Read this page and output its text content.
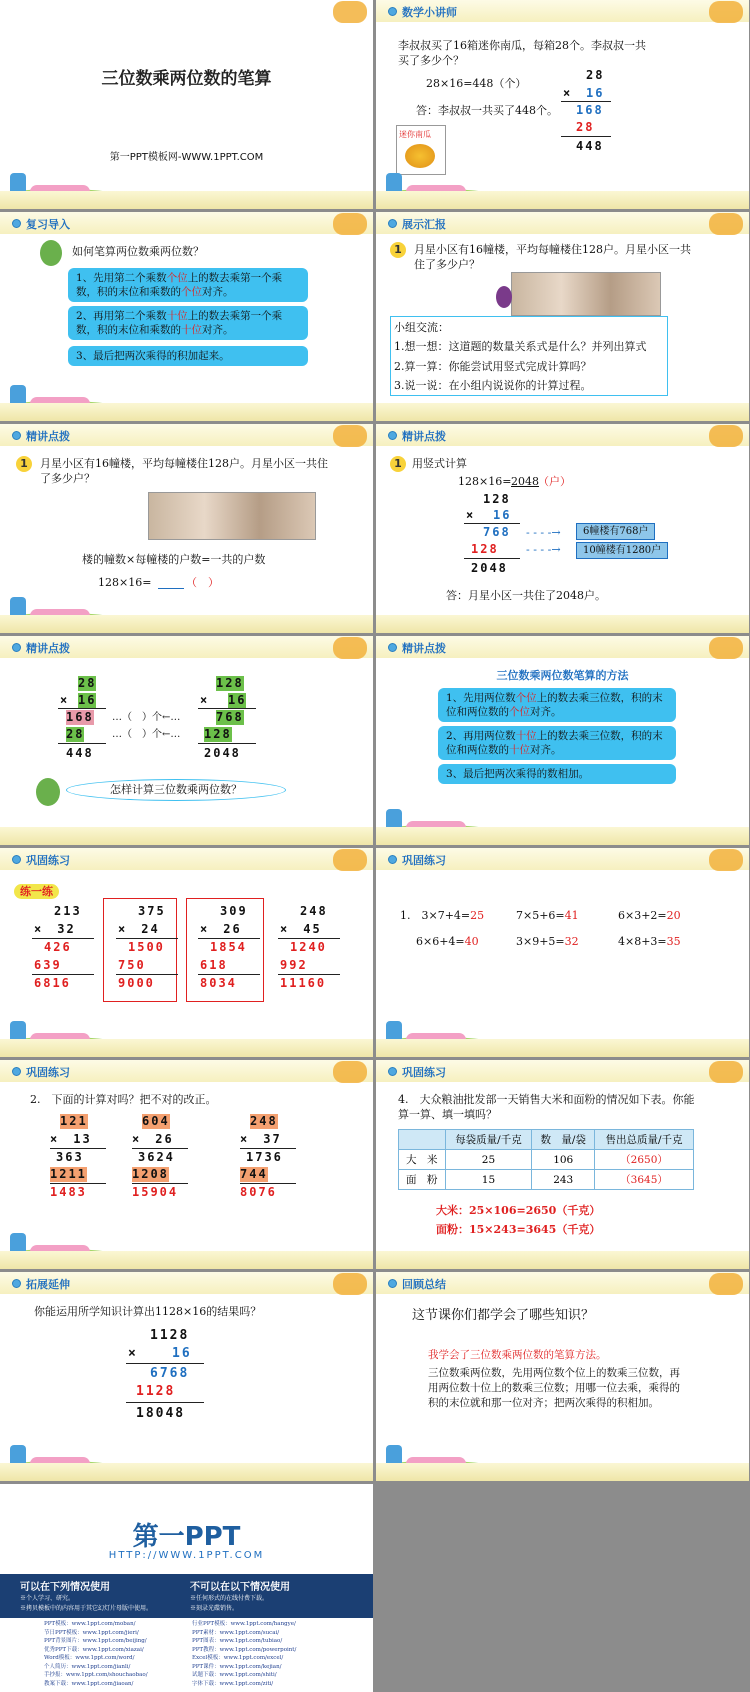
三位数乘两位数的笔算
第一PPT模板网-WWW.1PPT.COM
数学小讲师
李叔叔买了16箱迷你南瓜，每箱28个。李叔叔一共买了多少个？
28×16=448（个）
答：李叔叔一共买了448个。
迷你南瓜
28
× 16
168
28
448
复习导入
如何笔算两位数乘两位数？
1、先用第二个乘数个位上的数去乘第一个乘数，积的末位和乘数的个位对齐。
2、再用第二个乘数十位上的数去乘第一个乘数，积的末位和乘数的十位对齐。
3、最后把两次乘得的积加起来。
展示汇报
1	月星小区有16幢楼，平均每幢楼住128户。月星小区一共住了多少户？
小组交流：
1.想一想：这道题的数量关系式是什么？并列出算式
2.算一算：你能尝试用竖式完成计算吗？
3.说一说：在小组内说说你的计算过程。
精讲点拨
1	月星小区有16幢楼，平均每幢楼住128户。月星小区一共住了多少户？
楼的幢数×每幢楼的户数=一共的户数
128×16=	（　）
精讲点拨
1 用竖式计算
128×16= 2048 （户）
128
× 16
768
128
2048
- - - -→
- - - -→
6幢楼有768户
10幢楼有1280户
答：月星小区一共住了2048户。
精讲点拨
28
× 16
168
28
448
…（　）个←…
…（　）个←…
128
× 16
768
128
2048
怎样计算三位数乘两位数？
精讲点拨
三位数乘两位数笔算的方法
1、先用两位数个位上的数去乘三位数，积的末位和两位数的个位对齐。
2、再用两位数十位上的数去乘三位数，积的末位和两位数的十位对齐。
3、最后把两次乘得的数相加。
巩固练习
练一练
213
×　32
426
639
6816
375
×　24
1500
750
9000
309
×　26
1854
618
8034
248
×　45
1240
992
11160
巩固练习
1.　3×7+4=25	7×5+6=41	6×3+2=20
6×6+4=40	3×9+5=32	4×8+3=35
巩固练习
2.　下面的计算对吗？把不对的改正。
121
×　13
363
1211
1483
604
×　26
3624
1208
15904
248
×　37
1736
744
8076
巩固练习
4.　大众粮油批发部一天销售大米和面粉的情况如下表。你能算一算、填一填吗？
	每袋质量/千克	数　量/袋	售出总质量/千克
大　米	25	106	（2650）
面　粉	15	243	（3645）
大米：25×106=2650（千克）
面粉：15×243=3645（千克）
拓展延伸
你能运用所学知识计算出1128×16的结果吗？
1128
×	16
6768
1128
18048
回顾总结
这节课你们都学会了哪些知识？
我学会了三位数乘两位数的笔算方法。
三位数乘两位数，先用两位数个位上的数乘三位数，再用两位数十位上的数乘三位数；用哪一位去乘，乘得的积的末位就和那一位对齐；把两次乘得的积相加。
第一PPT
HTTP://WWW.1PPT.COM
可以在下列情况使用	不可以在以下情况使用
※个人学习、研究。
※拷贝模板中的内容用于其它幻灯片母版中使用。
※任何形式的在线付费下载。
※刻录光碟销售。
PPT模板：www.1ppt.com/moban/
节日PPT模板：www.1ppt.com/jieri/
PPT背景图片：www.1ppt.com/beijing/
优秀PPT下载：www.1ppt.com/xiazai/
Word模板：www.1ppt.com/word/
个人简历：www.1ppt.com/jianli/
手抄报：www.1ppt.com/shouchaobao/
教案下载：www.1ppt.com/jiaoan/
行业PPT模板：www.1ppt.com/hangye/
PPT素材：www.1ppt.com/sucai/
PPT图表：www.1ppt.com/tubiao/
PPT教程：www.1ppt.com/powerpoint/
Excel模板：www.1ppt.com/excel/
PPT课件：www.1ppt.com/kejian/
试题下载：www.1ppt.com/shiti/
字体下载：www.1ppt.com/ziti/
